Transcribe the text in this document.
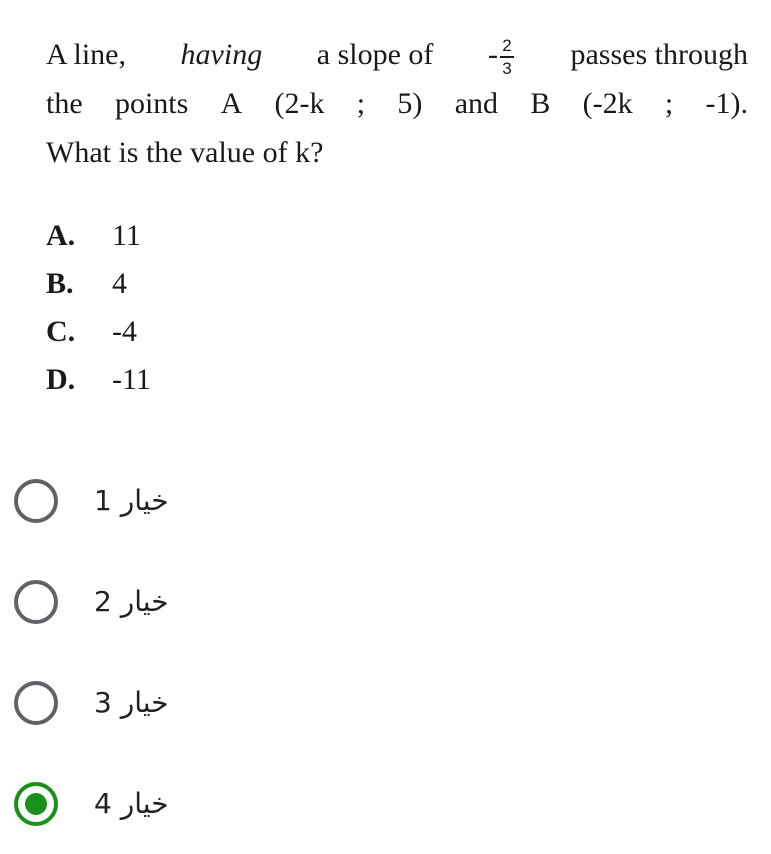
A line, having a slope of - $\frac{2}{3}$ passes through
the points A (2-k ; 5) and B (-2k ; -1).
What is the value of k?
A.	11
B.	4
C.	-4
D.	-11
خيار 1
خيار 2
خيار 3
خيار 4
